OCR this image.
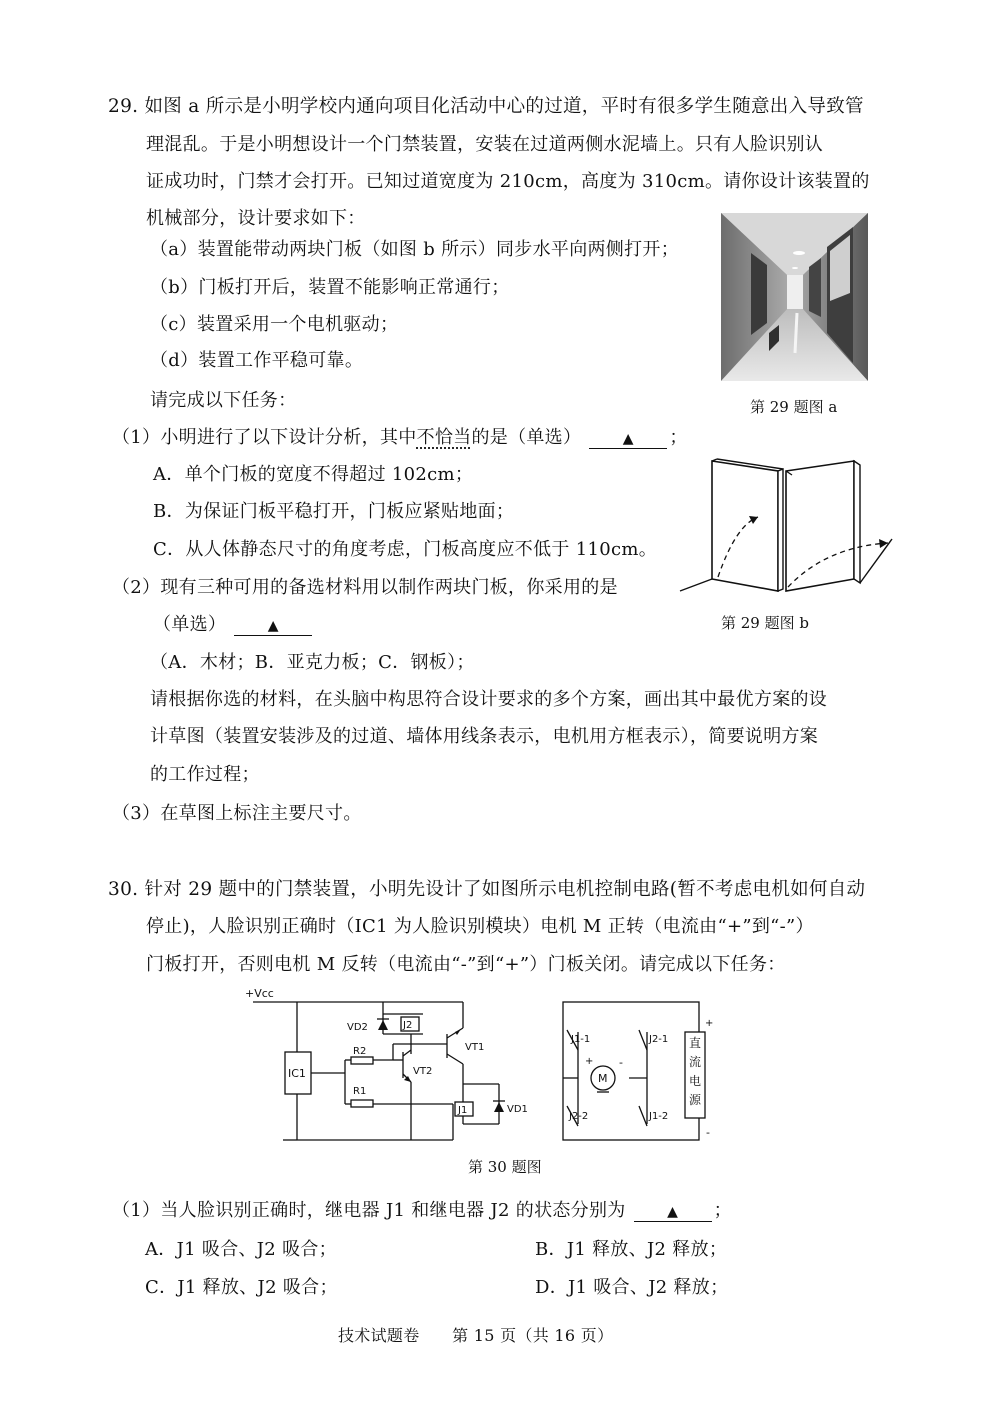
29. 如图 a 所示是小明学校内通向项目化活动中心的过道，平时有很多学生随意出入导致管
理混乱。于是小明想设计一个门禁装置，安装在过道两侧水泥墙上。只有人脸识别认
证成功时，门禁才会打开。已知过道宽度为 210cm，高度为 310cm。请你设计该装置的
机械部分，设计要求如下：
（a）装置能带动两块门板（如图 b 所示）同步水平向两侧打开；
（b）门板打开后，装置不能影响正常通行；
（c）装置采用一个电机驱动；
（d）装置工作平稳可靠。
请完成以下任务：
（1）小明进行了以下设计分析，其中不恰当的是（单选）	▲ ；
A．单个门板的宽度不得超过 102cm；
B．为保证门板平稳打开，门板应紧贴地面；
C．从人体静态尺寸的角度考虑，门板高度应不低于 110cm。
（2）现有三种可用的备选材料用以制作两块门板，你采用的是
（单选）	▲
（A．木材；B．亚克力板；C．钢板）；
请根据你选的材料，在头脑中构思符合设计要求的多个方案，画出其中最优方案的设
计草图（装置安装涉及的过道、墙体用线条表示，电机用方框表示），简要说明方案
的工作过程；
（3）在草图上标注主要尺寸。
第 29 题图 a
第 29 题图 b
30. 针对 29 题中的门禁装置，小明先设计了如图所示电机控制电路(暂不考虑电机如何自动
停止)，人脸识别正确时（IC1 为人脸识别模块）电机 M 正转（电流由“+”到“-”）
门板打开，否则电机 M 反转（电流由“-”到“+”）门板关闭。请完成以下任务：
+Vcc
IC1
R2
R1
VD2	J2
VT2
VT1
J1	VD1
J1-1
J2-2
M
+ -
J2-1
J1-2
+
-
直流电源
第 30 题图
（1）当人脸识别正确时，继电器 J1 和继电器 J2 的状态分别为	▲ ；
A．J1 吸合、J2 吸合；	B．J1 释放、J2 释放；
C．J1 释放、J2 吸合；	D．J1 吸合、J2 释放；
技术试题卷　　第 15 页（共 16 页）
